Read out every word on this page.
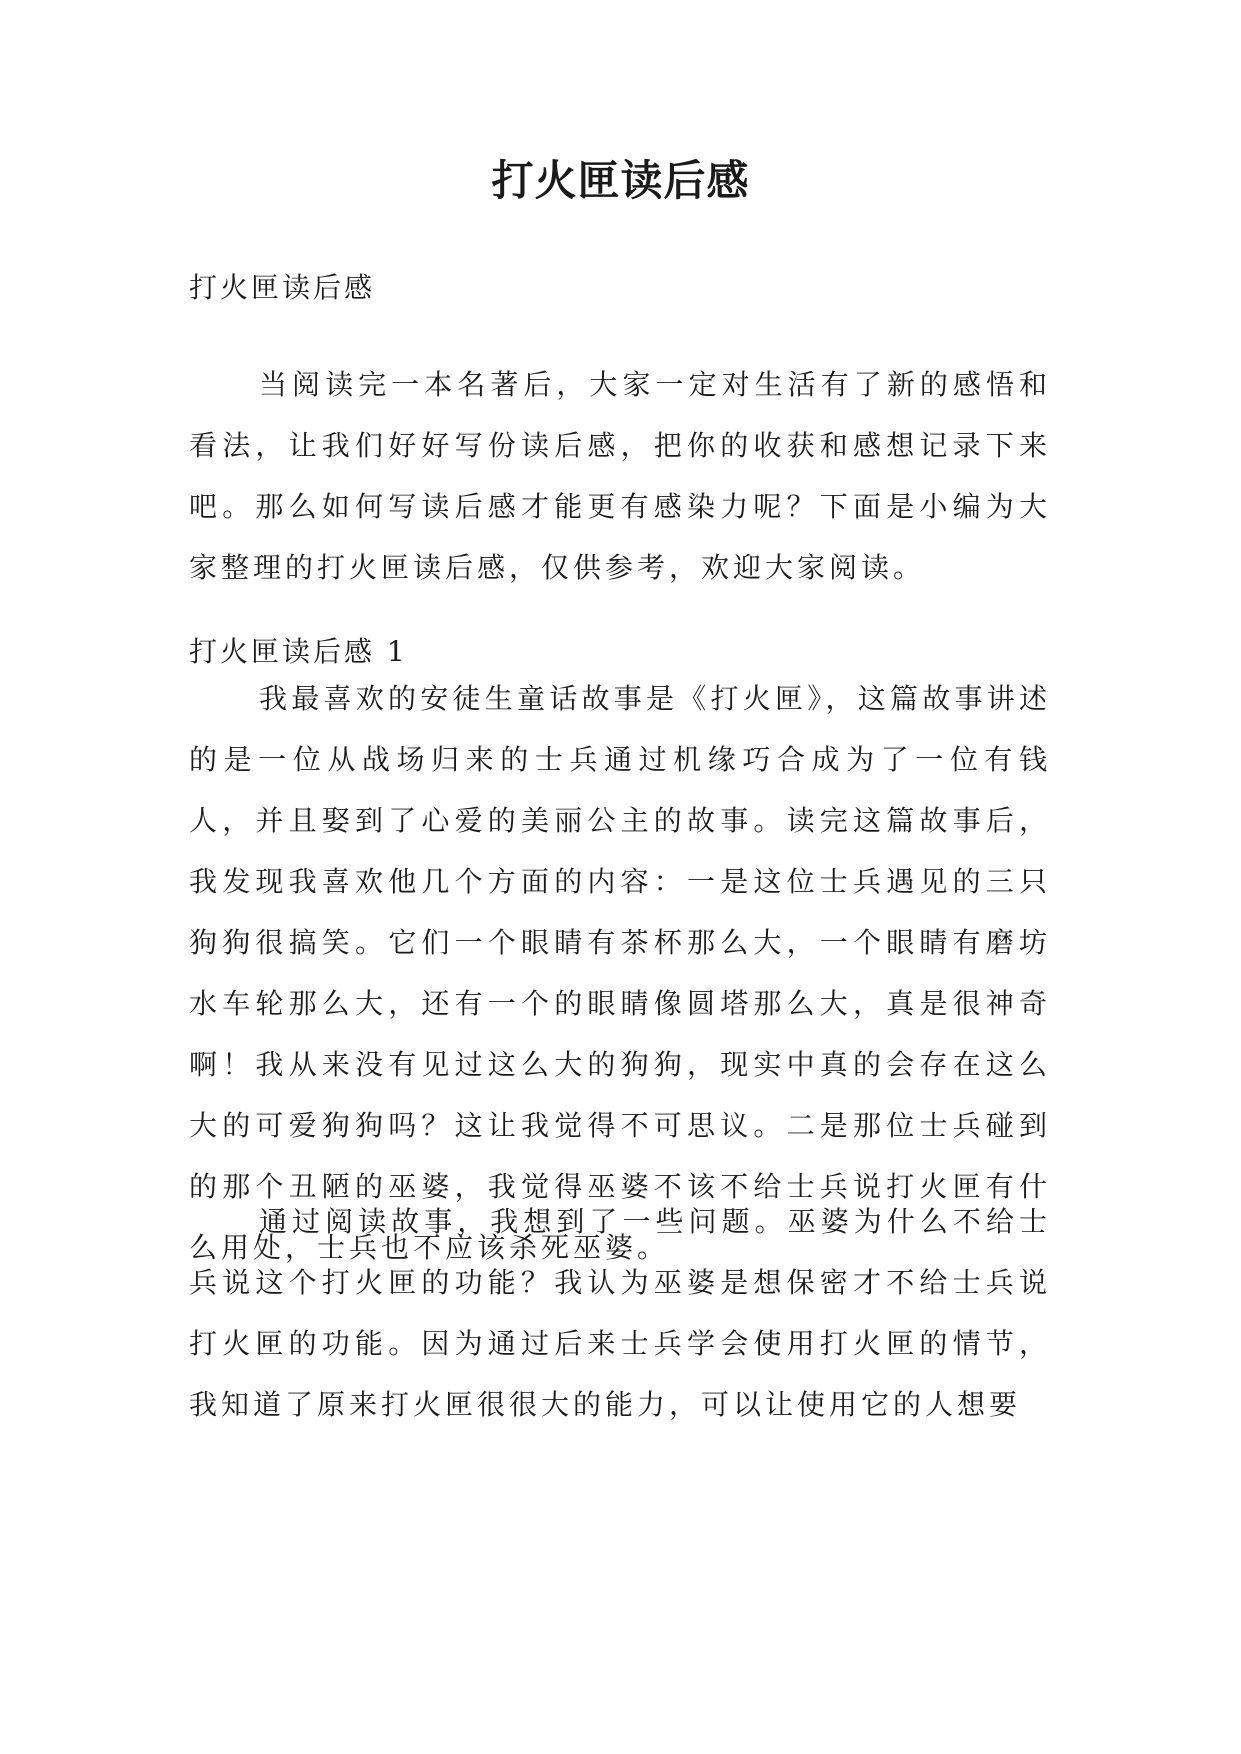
打火匣读后感

打火匣读后感

当阅读完一本名著后，大家一定对生活有了新的感悟和看法，让我们好好写份读后感，把你的收获和感想记录下来吧。那么如何写读后感才能更有感染力呢？下面是小编为大家整理的打火匣读后感，仅供参考，欢迎大家阅读。

打火匣读后感 1

我最喜欢的安徒生童话故事是《打火匣》，这篇故事讲述的是一位从战场归来的士兵通过机缘巧合成为了一位有钱人，并且娶到了心爱的美丽公主的故事。读完这篇故事后，我发现我喜欢他几个方面的内容：一是这位士兵遇见的三只狗狗很搞笑。它们一个眼睛有茶杯那么大，一个眼睛有磨坊水车轮那么大，还有一个的眼睛像圆塔那么大，真是很神奇啊！我从来没有见过这么大的狗狗，现实中真的会存在这么大的可爱狗狗吗？这让我觉得不可思议。二是那位士兵碰到的那个丑陋的巫婆，我觉得巫婆不该不给士兵说打火匣有什么用处，士兵也不应该杀死巫婆。

通过阅读故事，我想到了一些问题。巫婆为什么不给士兵说这个打火匣的功能？我认为巫婆是想保密才不给士兵说打火匣的功能。因为通过后来士兵学会使用打火匣的情节，我知道了原来打火匣很很大的能力，可以让使用它的人想要
